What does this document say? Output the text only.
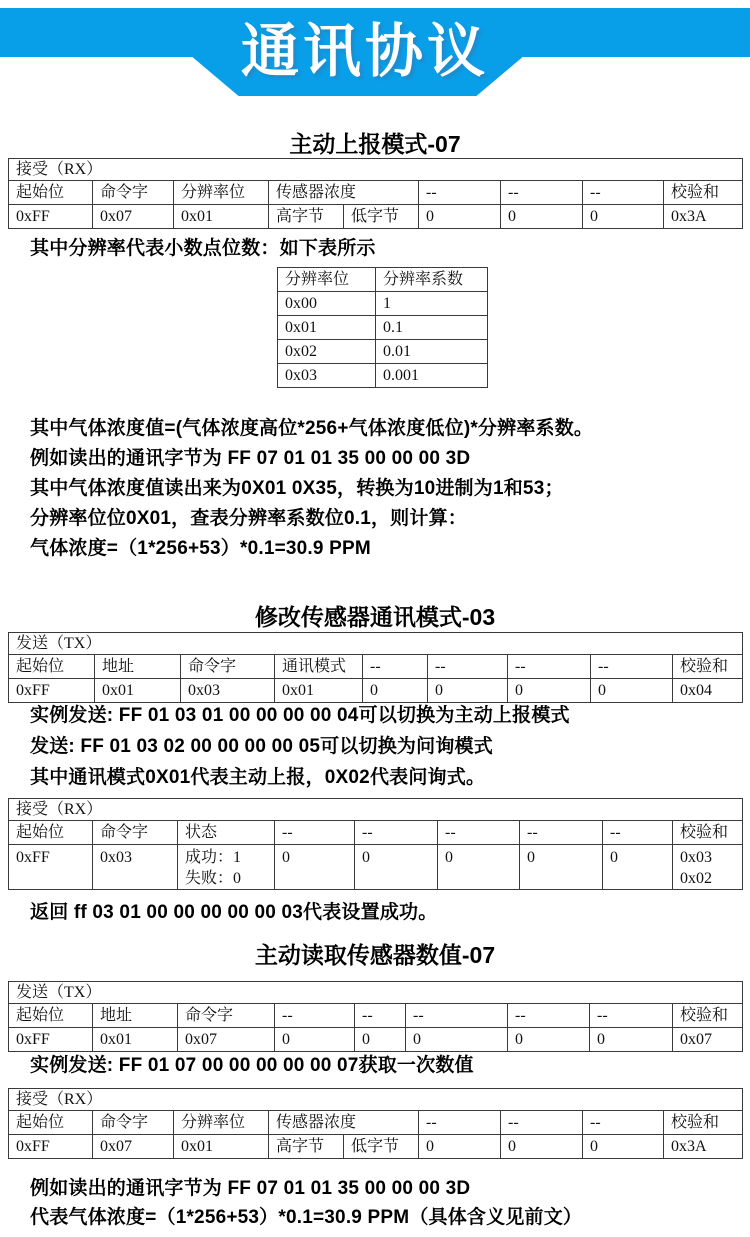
通讯协议
主动上报模式-07
接受（RX）								
起始位	命令字	分辨率位	传感器浓度		--	--	--	校验和
0xFF	0x07	0x01	高字节	低字节	0	0	0	0x3A
其中分辨率代表小数点位数：如下表所示
分辨率位	分辨率系数
0x00	1
0x01	0.1
0x02	0.01
0x03	0.001
其中气体浓度值=(气体浓度高位*256+气体浓度低位)*分辨率系数。
例如读出的通讯字节为 FF 07 01 01 35 00 00 00 3D
其中气体浓度值读出来为0X01 0X35，转换为10进制为1和53；
分辨率位位0X01，查表分辨率系数位0.1，则计算：
气体浓度=（1*256+53）*0.1=30.9 PPM
修改传感器通讯模式-03
发送（TX）								
起始位	地址	命令字	通讯模式	--	--	--	--	校验和
0xFF	0x01	0x03	0x01	0	0	0	0	0x04
实例发送: FF 01 03 01 00 00 00 00 04可以切换为主动上报模式
发送: FF 01 03 02 00 00 00 00 05可以切换为问询模式
其中通讯模式0X01代表主动上报，0X02代表问询式。
接受（RX）								
起始位	命令字	状态	--	--	--	--	--	校验和
0xFF	0x03	成功：1
失败：0
	0	0	0	0	0	0x03
0x02
返回 ff 03 01 00 00 00 00 00 03代表设置成功。
主动读取传感器数值-07
发送（TX）								
起始位	地址	命令字	--	--	--	--	--	校验和
0xFF	0x01	0x07	0	0	0	0	0	0x07
实例发送: FF 01 07 00 00 00 00 00 07获取一次数值
接受（RX）								
起始位	命令字	分辨率位	传感器浓度		--	--	--	校验和
0xFF	0x07	0x01	高字节	低字节	0	0	0	0x3A
例如读出的通讯字节为 FF 07 01 01 35 00 00 00 3D
代表气体浓度=（1*256+53）*0.1=30.9 PPM（具体含义见前文）
